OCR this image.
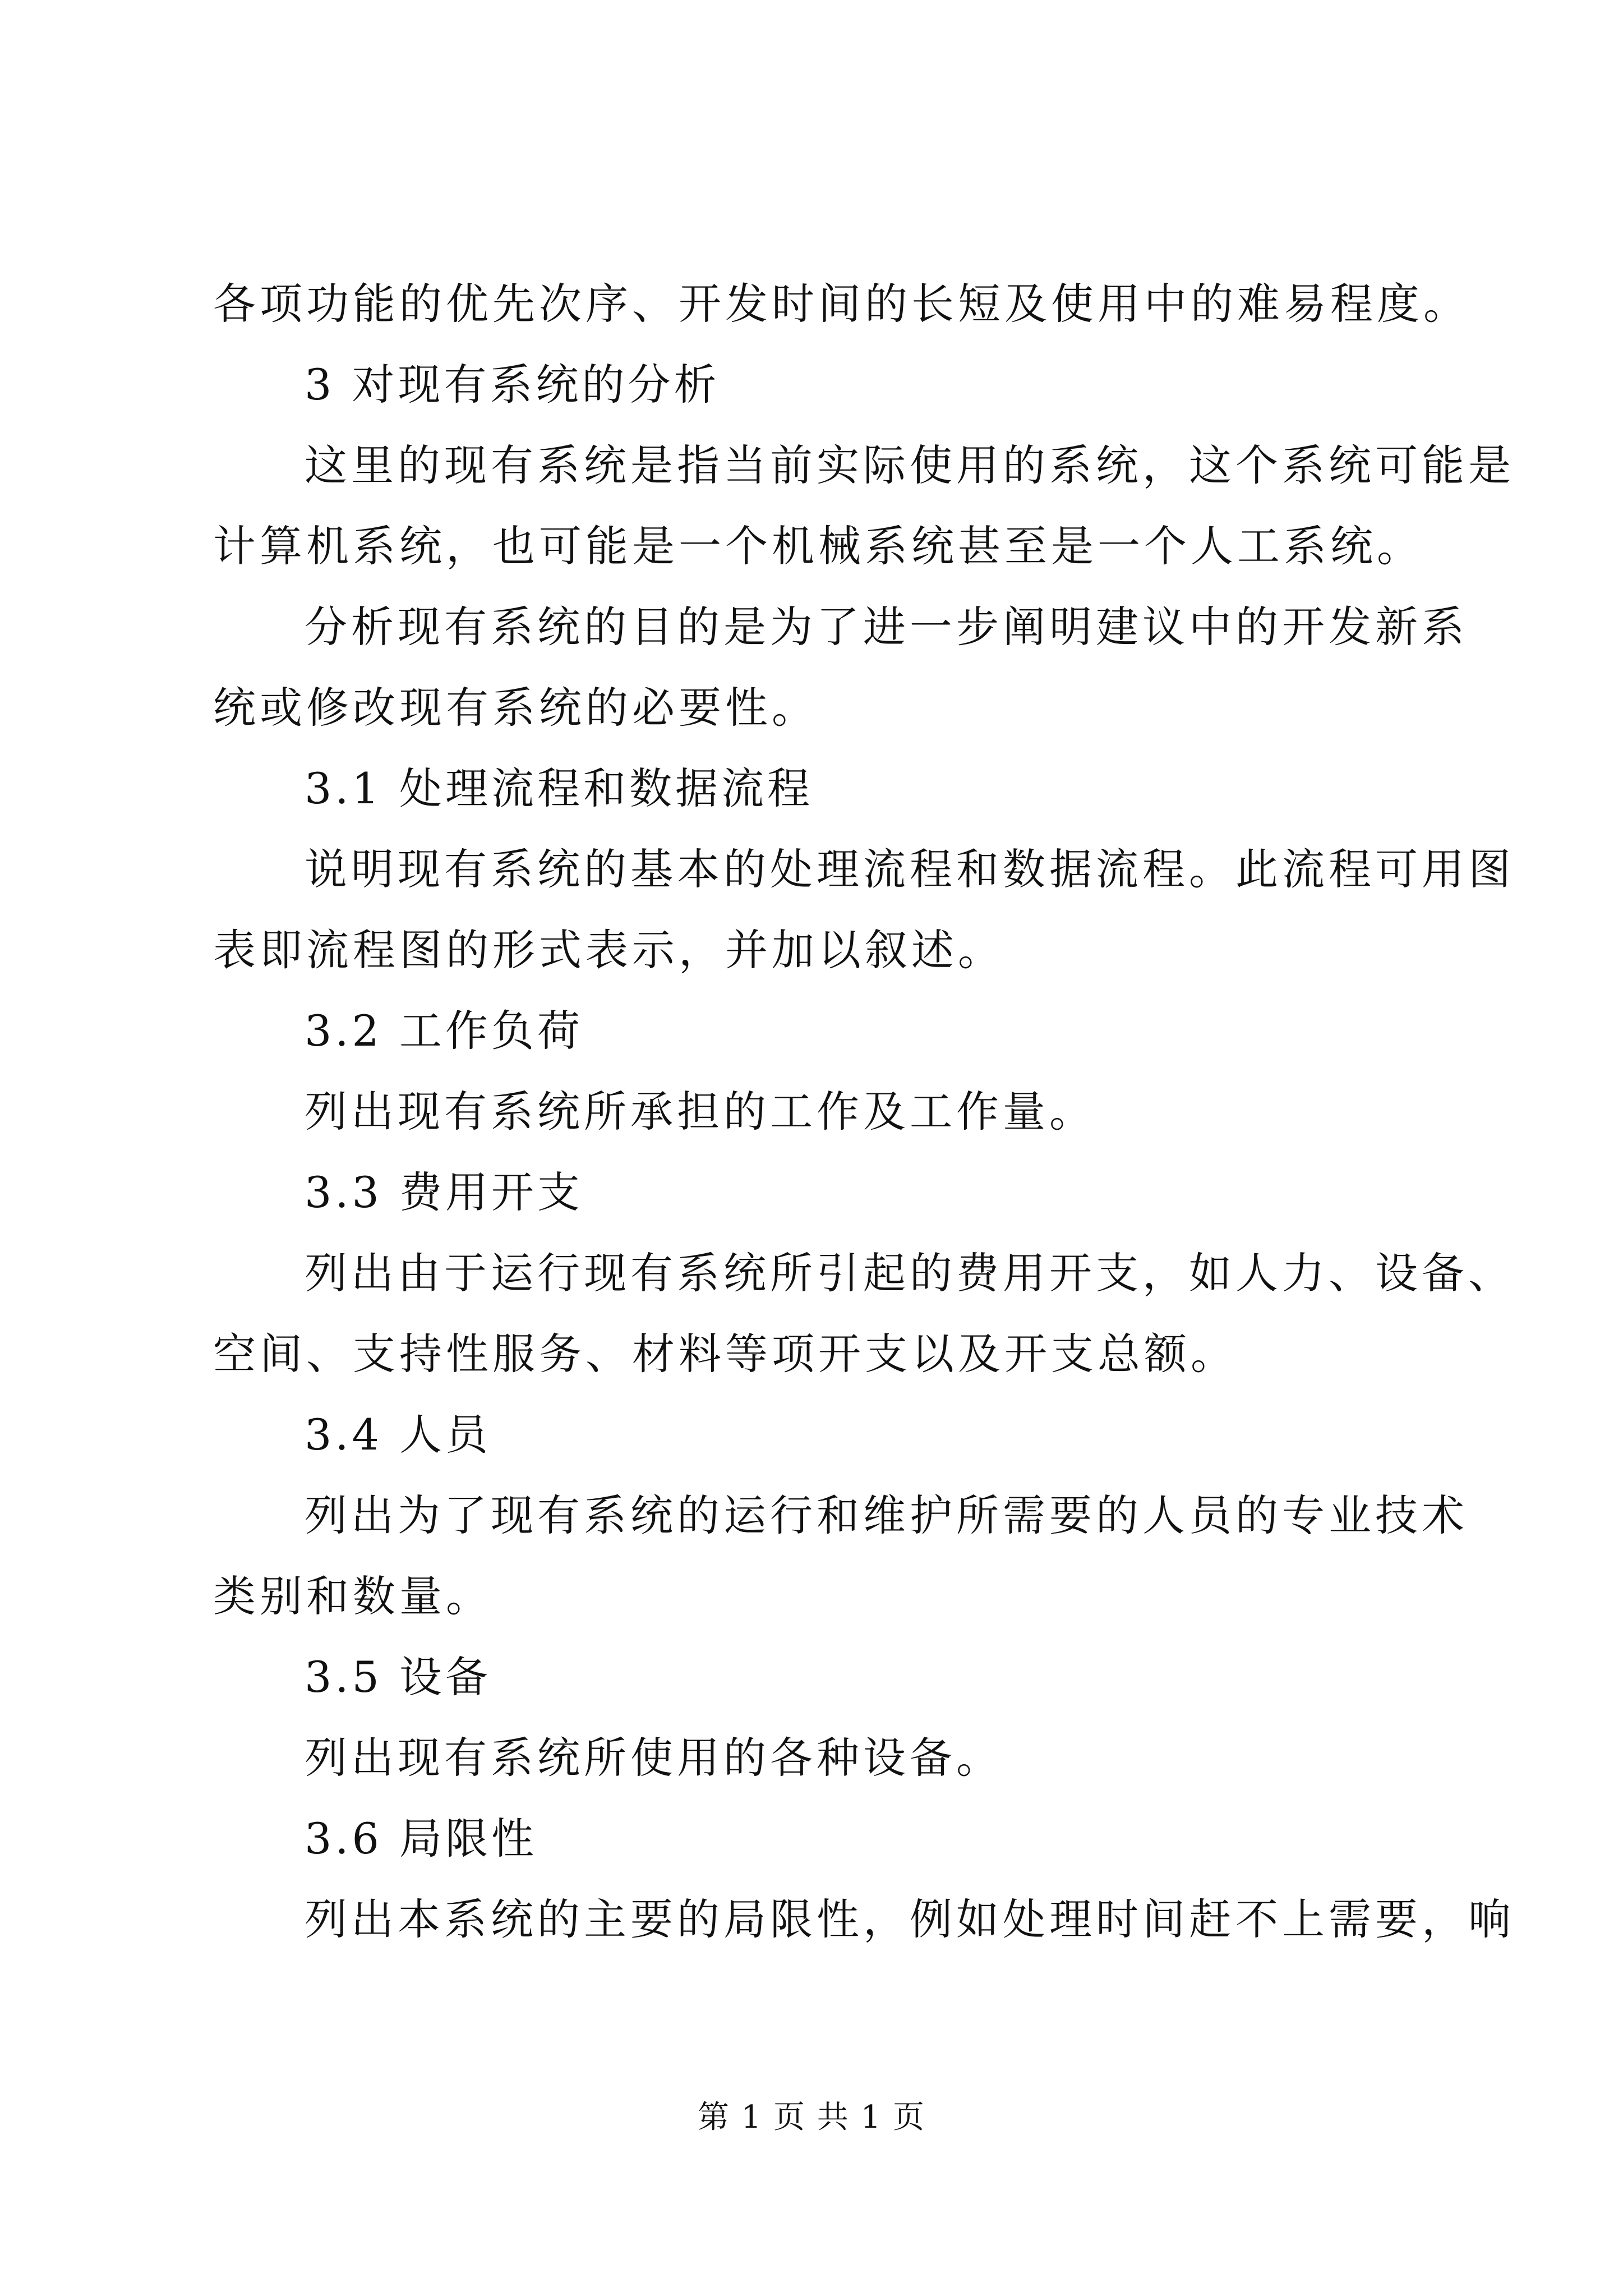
各项功能的优先次序、开发时间的长短及使用中的难易程度。

3 对现有系统的分析

这里的现有系统是指当前实际使用的系统，这个系统可能是

计算机系统，也可能是一个机械系统甚至是一个人工系统。

分析现有系统的目的是为了进一步阐明建议中的开发新系

统或修改现有系统的必要性。

3.1 处理流程和数据流程

说明现有系统的基本的处理流程和数据流程。此流程可用图

表即流程图的形式表示，并加以叙述。

3.2 工作负荷

列出现有系统所承担的工作及工作量。

3.3 费用开支

列出由于运行现有系统所引起的费用开支，如人力、设备、

空间、支持性服务、材料等项开支以及开支总额。

3.4 人员

列出为了现有系统的运行和维护所需要的人员的专业技术

类别和数量。

3.5 设备

列出现有系统所使用的各种设备。

3.6 局限性

列出本系统的主要的局限性，例如处理时间赶不上需要，响

第 1 页 共 1 页
